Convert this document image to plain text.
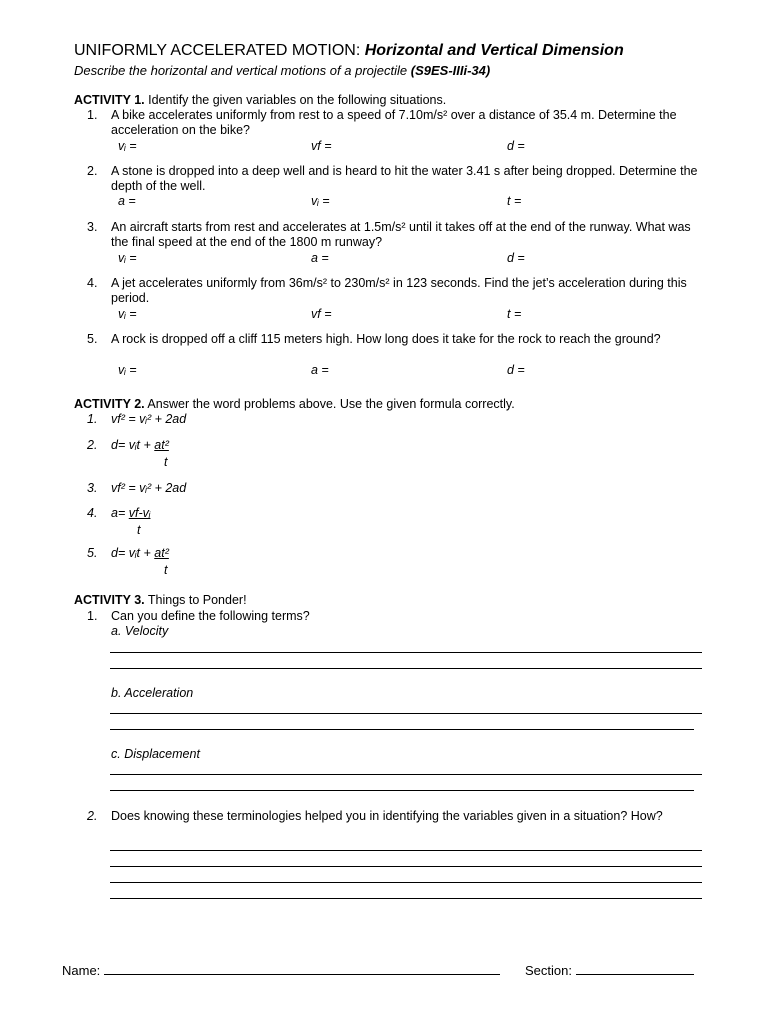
UNIFORMLY ACCELERATED MOTION: Horizontal and Vertical Dimension
Describe the horizontal and vertical motions of a projectile (S9ES-IIIi-34)
ACTIVITY 1. Identify the given variables on the following situations.
1. A bike accelerates uniformly from rest to a speed of 7.10m/s² over a distance of 35.4 m. Determine the acceleration on the bike?
vᵢ =	vf =	d =
2. A stone is dropped into a deep well and is heard to hit the water 3.41 s after being dropped. Determine the depth of the well.
a =	vᵢ =	t =
3. An aircraft starts from rest and accelerates at 1.5m/s² until it takes off at the end of the runway. What was the final speed at the end of the 1800 m runway?
vᵢ =	a =	d =
4. A jet accelerates uniformly from 36m/s² to 230m/s² in 123 seconds. Find the jet’s acceleration during this period.
vᵢ =	vf =	t =
5. A rock is dropped off a cliff 115 meters high. How long does it take for the rock to reach the ground?
vᵢ =	a =	d =
ACTIVITY 2. Answer the word problems above. Use the given formula correctly.
1. vf² = vᵢ² + 2ad
2. d= vᵢt + at²
t
3. vf² = vᵢ² + 2ad
4. a= vf-vᵢ
t
5. d= vᵢt + at²
t
ACTIVITY 3. Things to Ponder!
1. Can you define the following terms?
a. Velocity
b. Acceleration
c. Displacement
2. Does knowing these terminologies helped you in identifying the variables given in a situation? How?
Name:	Section:
